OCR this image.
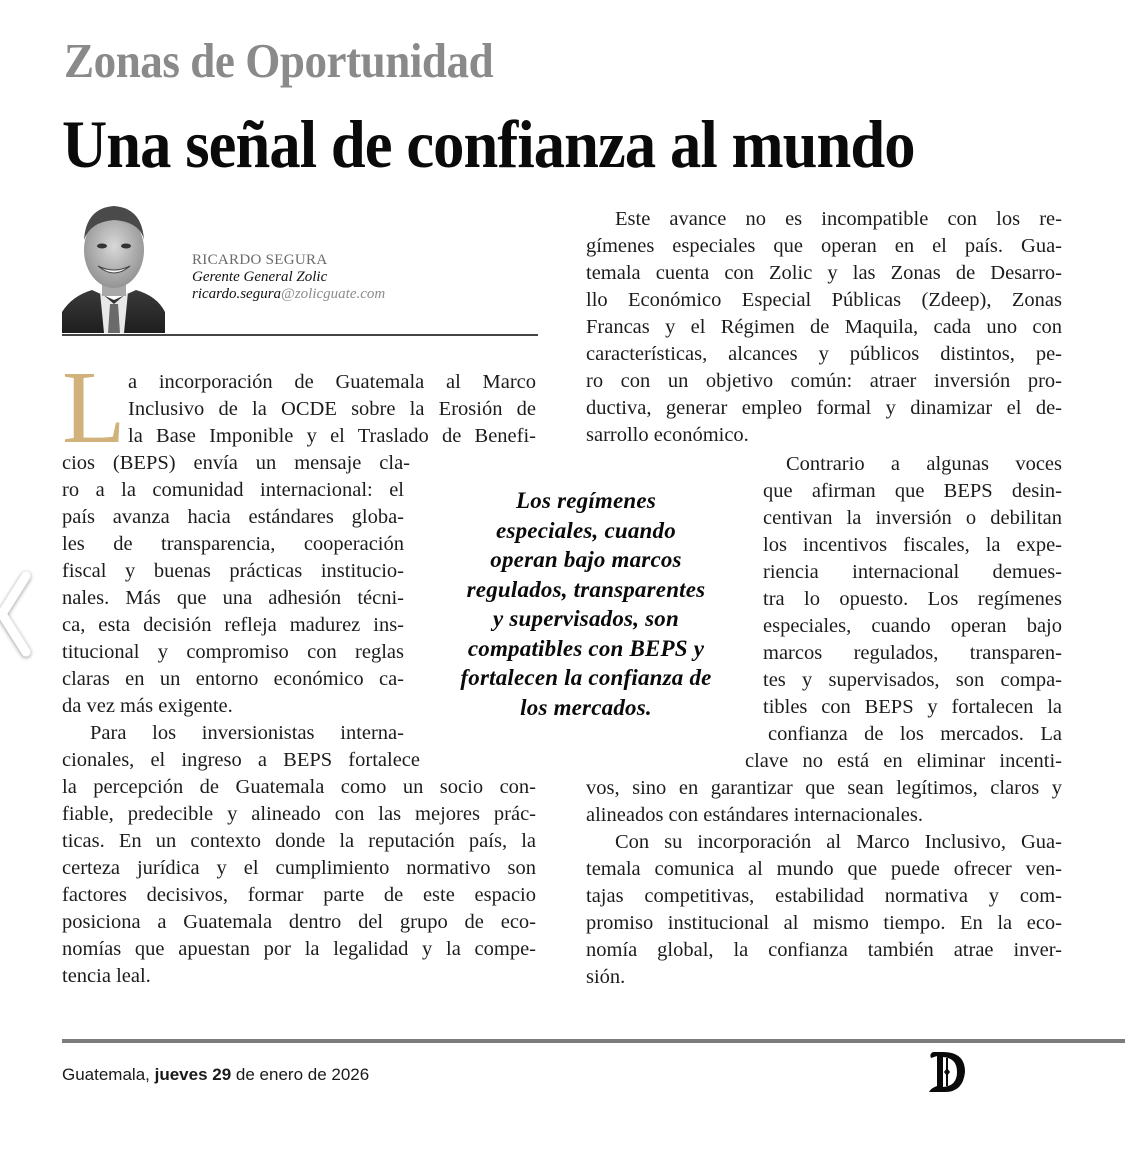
Zonas de Oportunidad
Una señal de confianza al mundo
RICARDO SEGURA
Gerente General Zolic
ricardo.segura@zolicguate.com
L a incorporación de Guatemala al Marco
Inclusivo de la OCDE sobre la Erosión de
la Base Imponible y el Traslado de Benefi-
cios (BEPS) envía un mensaje cla-
ro a la comunidad internacional: el
país avanza hacia estándares globa-
les de transparencia, cooperación
fiscal y buenas prácticas institucio-
nales. Más que una adhesión técni-
ca, esta decisión refleja madurez ins-
titucional y compromiso con reglas
claras en un entorno económico ca-
da vez más exigente.
Para los inversionistas interna-
cionales, el ingreso a BEPS fortalece
la percepción de Guatemala como un socio con-
fiable, predecible y alineado con las mejores prác-
ticas. En un contexto donde la reputación país, la
certeza jurídica y el cumplimiento normativo son
factores decisivos, formar parte de este espacio
posiciona a Guatemala dentro del grupo de eco-
nomías que apuestan por la legalidad y la compe-
tencia leal.
Este avance no es incompatible con los re-
gímenes especiales que operan en el país. Gua-
temala cuenta con Zolic y las Zonas de Desarro-
llo Económico Especial Públicas (Zdeep), Zonas
Francas y el Régimen de Maquila, cada uno con
características, alcances y públicos distintos, pe-
ro con un objetivo común: atraer inversión pro-
ductiva, generar empleo formal y dinamizar el de-
sarrollo económico.
Contrario a algunas voces
que afirman que BEPS desin-
centivan la inversión o debilitan
los incentivos fiscales, la expe-
riencia internacional demues-
tra lo opuesto. Los regímenes
especiales, cuando operan bajo
marcos regulados, transparen-
tes y supervisados, son compa-
tibles con BEPS y fortalecen la
confianza de los mercados. La
clave no está en eliminar incenti-
vos, sino en garantizar que sean legítimos, claros y
alineados con estándares internacionales.
Con su incorporación al Marco Inclusivo, Gua-
temala comunica al mundo que puede ofrecer ven-
tajas competitivas, estabilidad normativa y com-
promiso institucional al mismo tiempo. En la eco-
nomía global, la confianza también atrae inver-
sión.
Los regímenes
especiales, cuando
operan bajo marcos
regulados, transparentes
y supervisados, son
compatibles con BEPS y
fortalecen la confianza de
los mercados.
Guatemala, jueves 29 de enero de 2026
